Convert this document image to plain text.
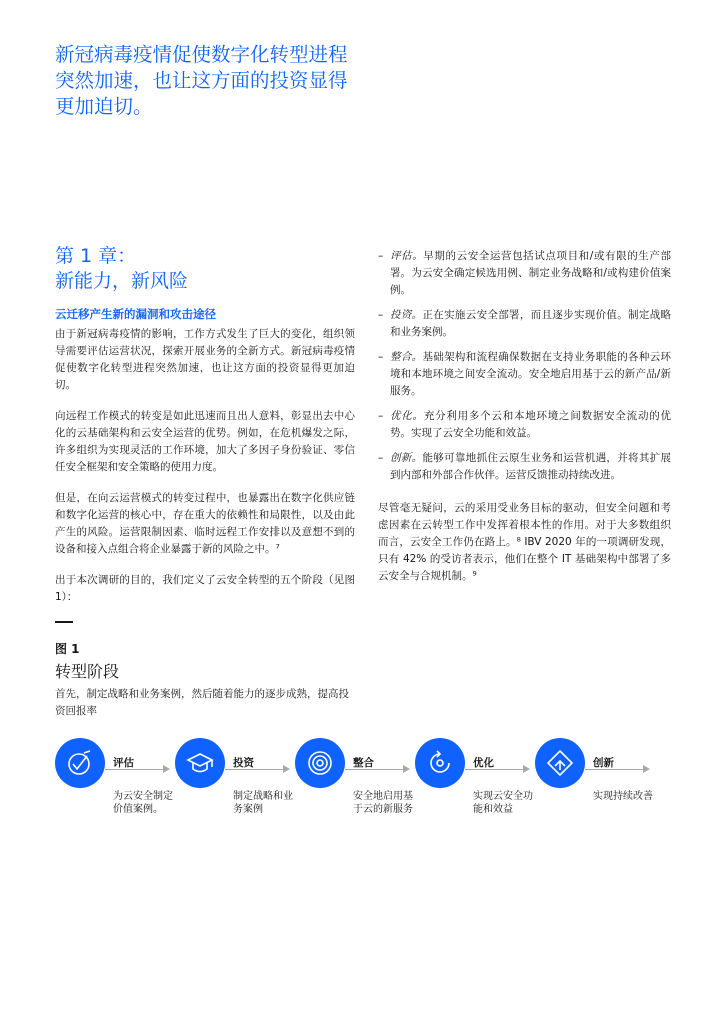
新冠病毒疫情促使数字化转型进程突然加速，也让这方面的投资显得更加迫切。
第 1 章：
新能力，新风险
云迁移产生新的漏洞和攻击途径

由于新冠病毒疫情的影响，工作方式发生了巨大的变化，组织领导需要评估运营状况，探索开展业务的全新方式。新冠病毒疫情促使数字化转型进程突然加速，也让这方面的投资显得更加迫切。

向远程工作模式的转变是如此迅速而且出人意料，彰显出去中心化的云基础架构和云安全运营的优势。例如，在危机爆发之际，许多组织为实现灵活的工作环境，加大了多因子身份验证、零信任安全框架和安全策略的使用力度。

但是，在向云运营模式的转变过程中，也暴露出在数字化供应链和数字化运营的核心中，存在重大的依赖性和局限性，以及由此产生的风险。运营限制因素、临时远程工作安排以及意想不到的设备和接入点组合将企业暴露于新的风险之中。⁷

出于本次调研的目的，我们定义了云安全转型的五个阶段（见图 1）：

– 评估。早期的云安全运营包括试点项目和/或有限的生产部署。为云安全确定候选用例、制定业务战略和/或构建价值案例。
– 投资。正在实施云安全部署，而且逐步实现价值。制定战略和业务案例。
– 整合。基础架构和流程确保数据在支持业务职能的各种云环境和本地环境之间安全流动。安全地启用基于云的新产品/新服务。
– 优化。充分利用多个云和本地环境之间数据安全流动的优势。实现了云安全功能和效益。
– 创新。能够可靠地抓住云原生业务和运营机遇，并将其扩展到内部和外部合作伙伴。运营反馈推动持续改进。

尽管毫无疑问，云的采用受业务目标的驱动，但安全问题和考虑因素在云转型工作中发挥着根本性的作用。对于大多数组织而言，云安全工作仍在路上。⁸ IBV 2020 年的一项调研发现，只有 42% 的受访者表示，他们在整个 IT 基础架构中部署了多云安全与合规机制。⁹

图 1
转型阶段
首先，制定战略和业务案例，然后随着能力的逐步成熟，提高投资回报率
评估
为云安全制定价值案例。
投资
制定战略和业务案例
整合
安全地启用基于云的新服务
优化
实现云安全功能和效益
创新
实现持续改善
